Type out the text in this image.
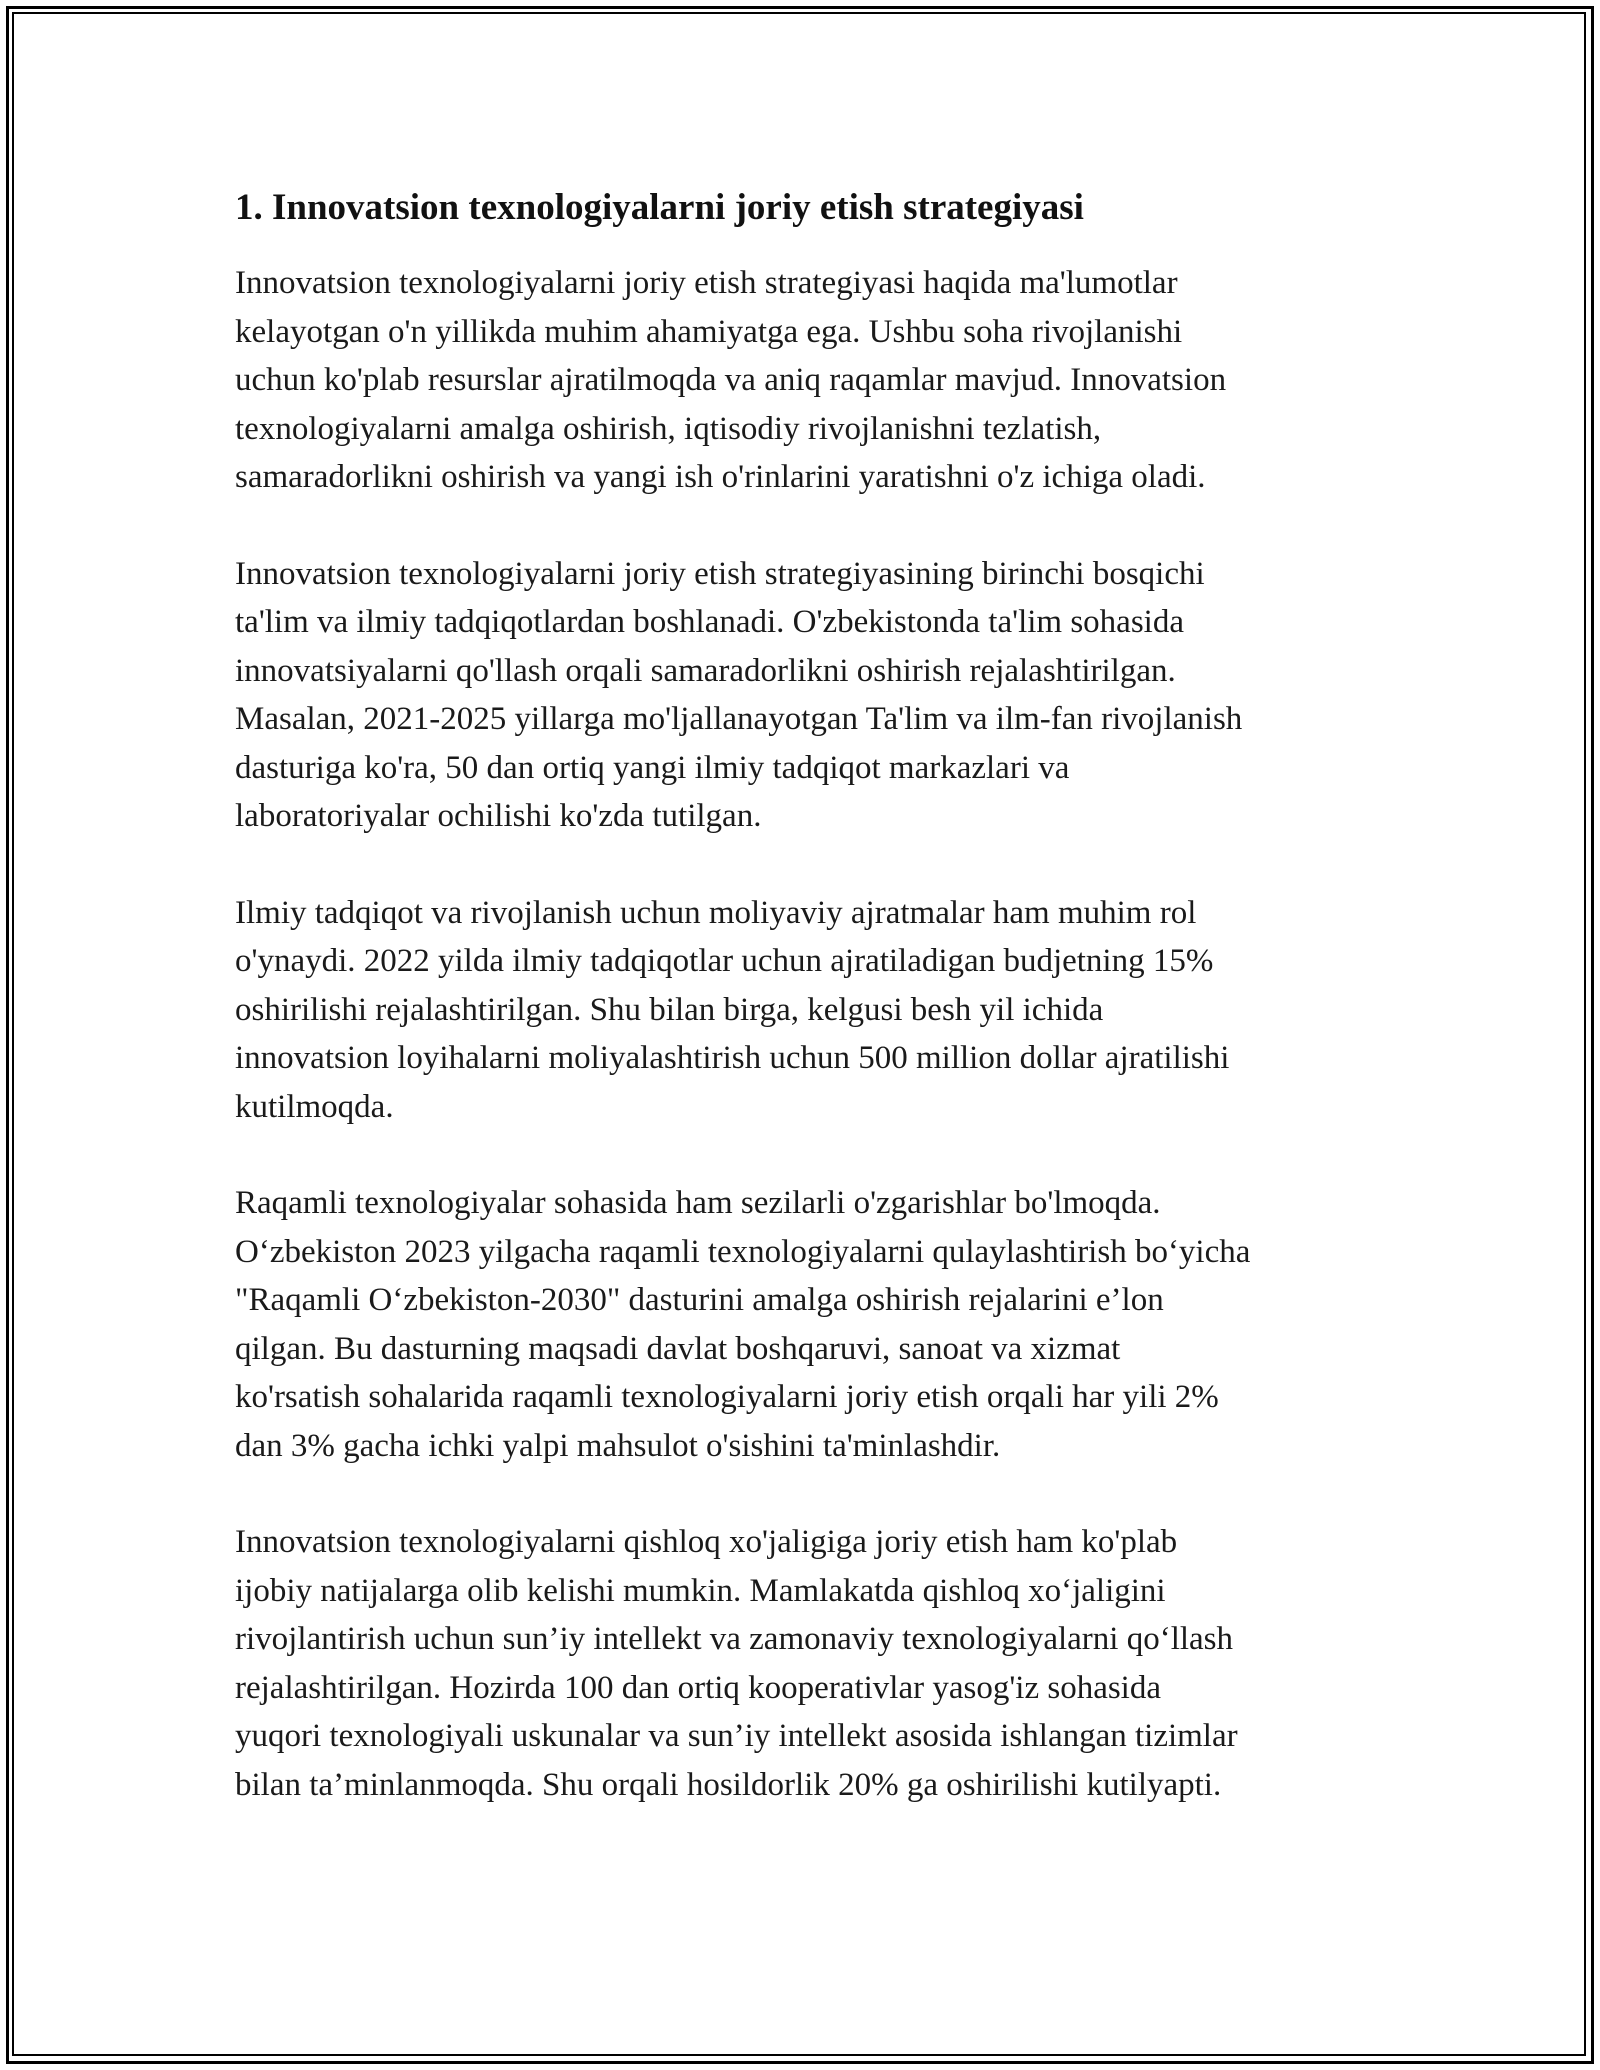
1. Innovatsion texnologiyalarni joriy etish strategiyasi

Innovatsion texnologiyalarni joriy etish strategiyasi haqida ma'lumotlar
kelayotgan o'n yillikda muhim ahamiyatga ega. Ushbu soha rivojlanishi
uchun ko'plab resurslar ajratilmoqda va aniq raqamlar mavjud. Innovatsion
texnologiyalarni amalga oshirish, iqtisodiy rivojlanishni tezlatish,
samaradorlikni oshirish va yangi ish o'rinlarini yaratishni o'z ichiga oladi.

Innovatsion texnologiyalarni joriy etish strategiyasining birinchi bosqichi
ta'lim va ilmiy tadqiqotlardan boshlanadi. O'zbekistonda ta'lim sohasida
innovatsiyalarni qo'llash orqali samaradorlikni oshirish rejalashtirilgan.
Masalan, 2021-2025 yillarga mo'ljallanayotgan Ta'lim va ilm-fan rivojlanish
dasturiga ko'ra, 50 dan ortiq yangi ilmiy tadqiqot markazlari va
laboratoriyalar ochilishi ko'zda tutilgan.

Ilmiy tadqiqot va rivojlanish uchun moliyaviy ajratmalar ham muhim rol
o'ynaydi. 2022 yilda ilmiy tadqiqotlar uchun ajratiladigan budjetning 15%
oshirilishi rejalashtirilgan. Shu bilan birga, kelgusi besh yil ichida
innovatsion loyihalarni moliyalashtirish uchun 500 million dollar ajratilishi
kutilmoqda.

Raqamli texnologiyalar sohasida ham sezilarli o'zgarishlar bo'lmoqda.
O‘zbekiston 2023 yilgacha raqamli texnologiyalarni qulaylashtirish bo‘yicha
"Raqamli O‘zbekiston-2030" dasturini amalga oshirish rejalarini e’lon
qilgan. Bu dasturning maqsadi davlat boshqaruvi, sanoat va xizmat
ko'rsatish sohalarida raqamli texnologiyalarni joriy etish orqali har yili 2%
dan 3% gacha ichki yalpi mahsulot o'sishini ta'minlashdir.

Innovatsion texnologiyalarni qishloq xo'jaligiga joriy etish ham ko'plab
ijobiy natijalarga olib kelishi mumkin. Mamlakatda qishloq xo‘jaligini
rivojlantirish uchun sun’iy intellekt va zamonaviy texnologiyalarni qo‘llash
rejalashtirilgan. Hozirda 100 dan ortiq kooperativlar yasog'iz sohasida
yuqori texnologiyali uskunalar va sun’iy intellekt asosida ishlangan tizimlar
bilan ta’minlanmoqda. Shu orqali hosildorlik 20% ga oshirilishi kutilyapti.
